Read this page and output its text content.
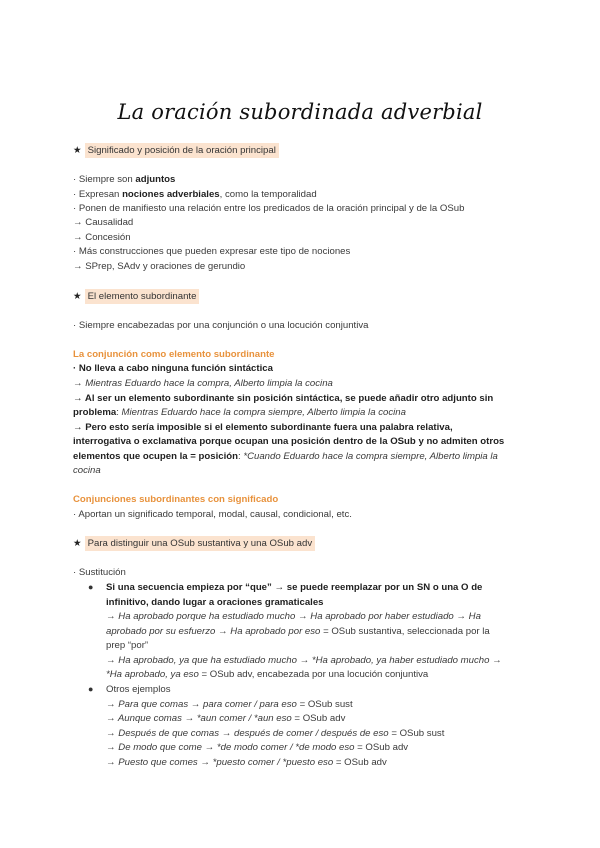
La oración subordinada adverbial
★ Significado y posición de la oración principal
· Siempre son adjuntos
· Expresan nociones adverbiales, como la temporalidad
· Ponen de manifiesto una relación entre los predicados de la oración principal y de la OSub
→ Causalidad
→ Concesión
· Más construcciones que pueden expresar este tipo de nociones
→ SPrep, SAdv y oraciones de gerundio
★ El elemento subordinante
· Siempre encabezadas por una conjunción o una locución conjuntiva
La conjunción como elemento subordinante
· No lleva a cabo ninguna función sintáctica
→ Mientras Eduardo hace la compra, Alberto limpia la cocina
→ Al ser un elemento subordinante sin posición sintáctica, se puede añadir otro adjunto sin
problema: Mientras Eduardo hace la compra siempre, Alberto limpia la cocina
→ Pero esto sería imposible si el elemento subordinante fuera una palabra relativa,
interrogativa o exclamativa porque ocupan una posición dentro de la OSub y no admiten otros
elementos que ocupen la = posición: *Cuando Eduardo hace la compra siempre, Alberto limpia la
cocina
Conjunciones subordinantes con significado
· Aportan un significado temporal, modal, causal, condicional, etc.
★ Para distinguir una OSub sustantiva y una OSub adv
· Sustitución
● Si una secuencia empieza por “que” → se puede reemplazar por un SN o una O de
infinitivo, dando lugar a oraciones gramaticales
→ Ha aprobado porque ha estudiado mucho → Ha aprobado por haber estudiado → Ha
aprobado por su esfuerzo → Ha aprobado por eso = OSub sustantiva, seleccionada por la
prep “por”
→ Ha aprobado, ya que ha estudiado mucho → *Ha aprobado, ya haber estudiado mucho →
*Ha aprobado, ya eso = OSub adv, encabezada por una locución conjuntiva
● Otros ejemplos
→ Para que comas → para comer / para eso = OSub sust
→ Aunque comas → *aun comer / *aun eso = OSub adv
→ Después de que comas → después de comer / después de eso = OSub sust
→ De modo que come → *de modo comer / *de modo eso = OSub adv
→ Puesto que comes → *puesto comer / *puesto eso = OSub adv
